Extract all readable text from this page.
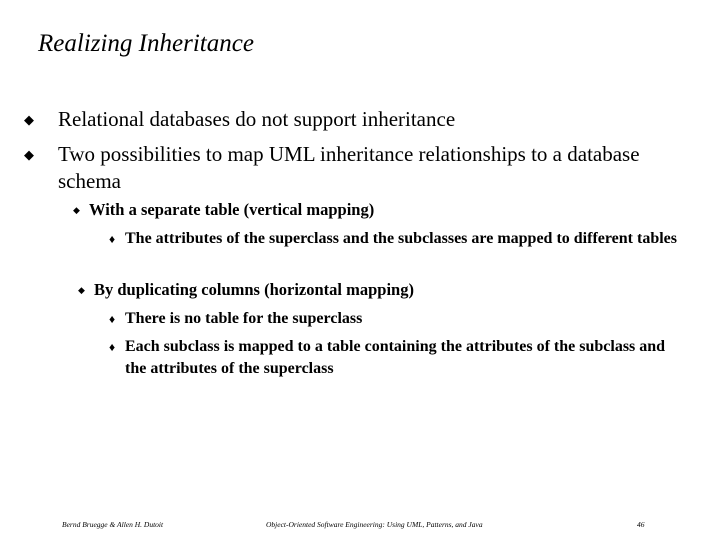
Realizing Inheritance
◆ Relational databases do not support inheritance
◆ Two possibilities to map UML inheritance relationships to a database schema
◆ With a separate table (vertical mapping)
♦ The attributes of the superclass and the subclasses are mapped to different tables
◆ By duplicating columns (horizontal mapping)
♦ There is no table for the superclass
♦ Each subclass is mapped to a table containing the attributes of the subclass and the attributes of the superclass
Bernd Bruegge & Allen H. Dutoit	Object-Oriented Software Engineering: Using UML, Patterns, and Java	46
